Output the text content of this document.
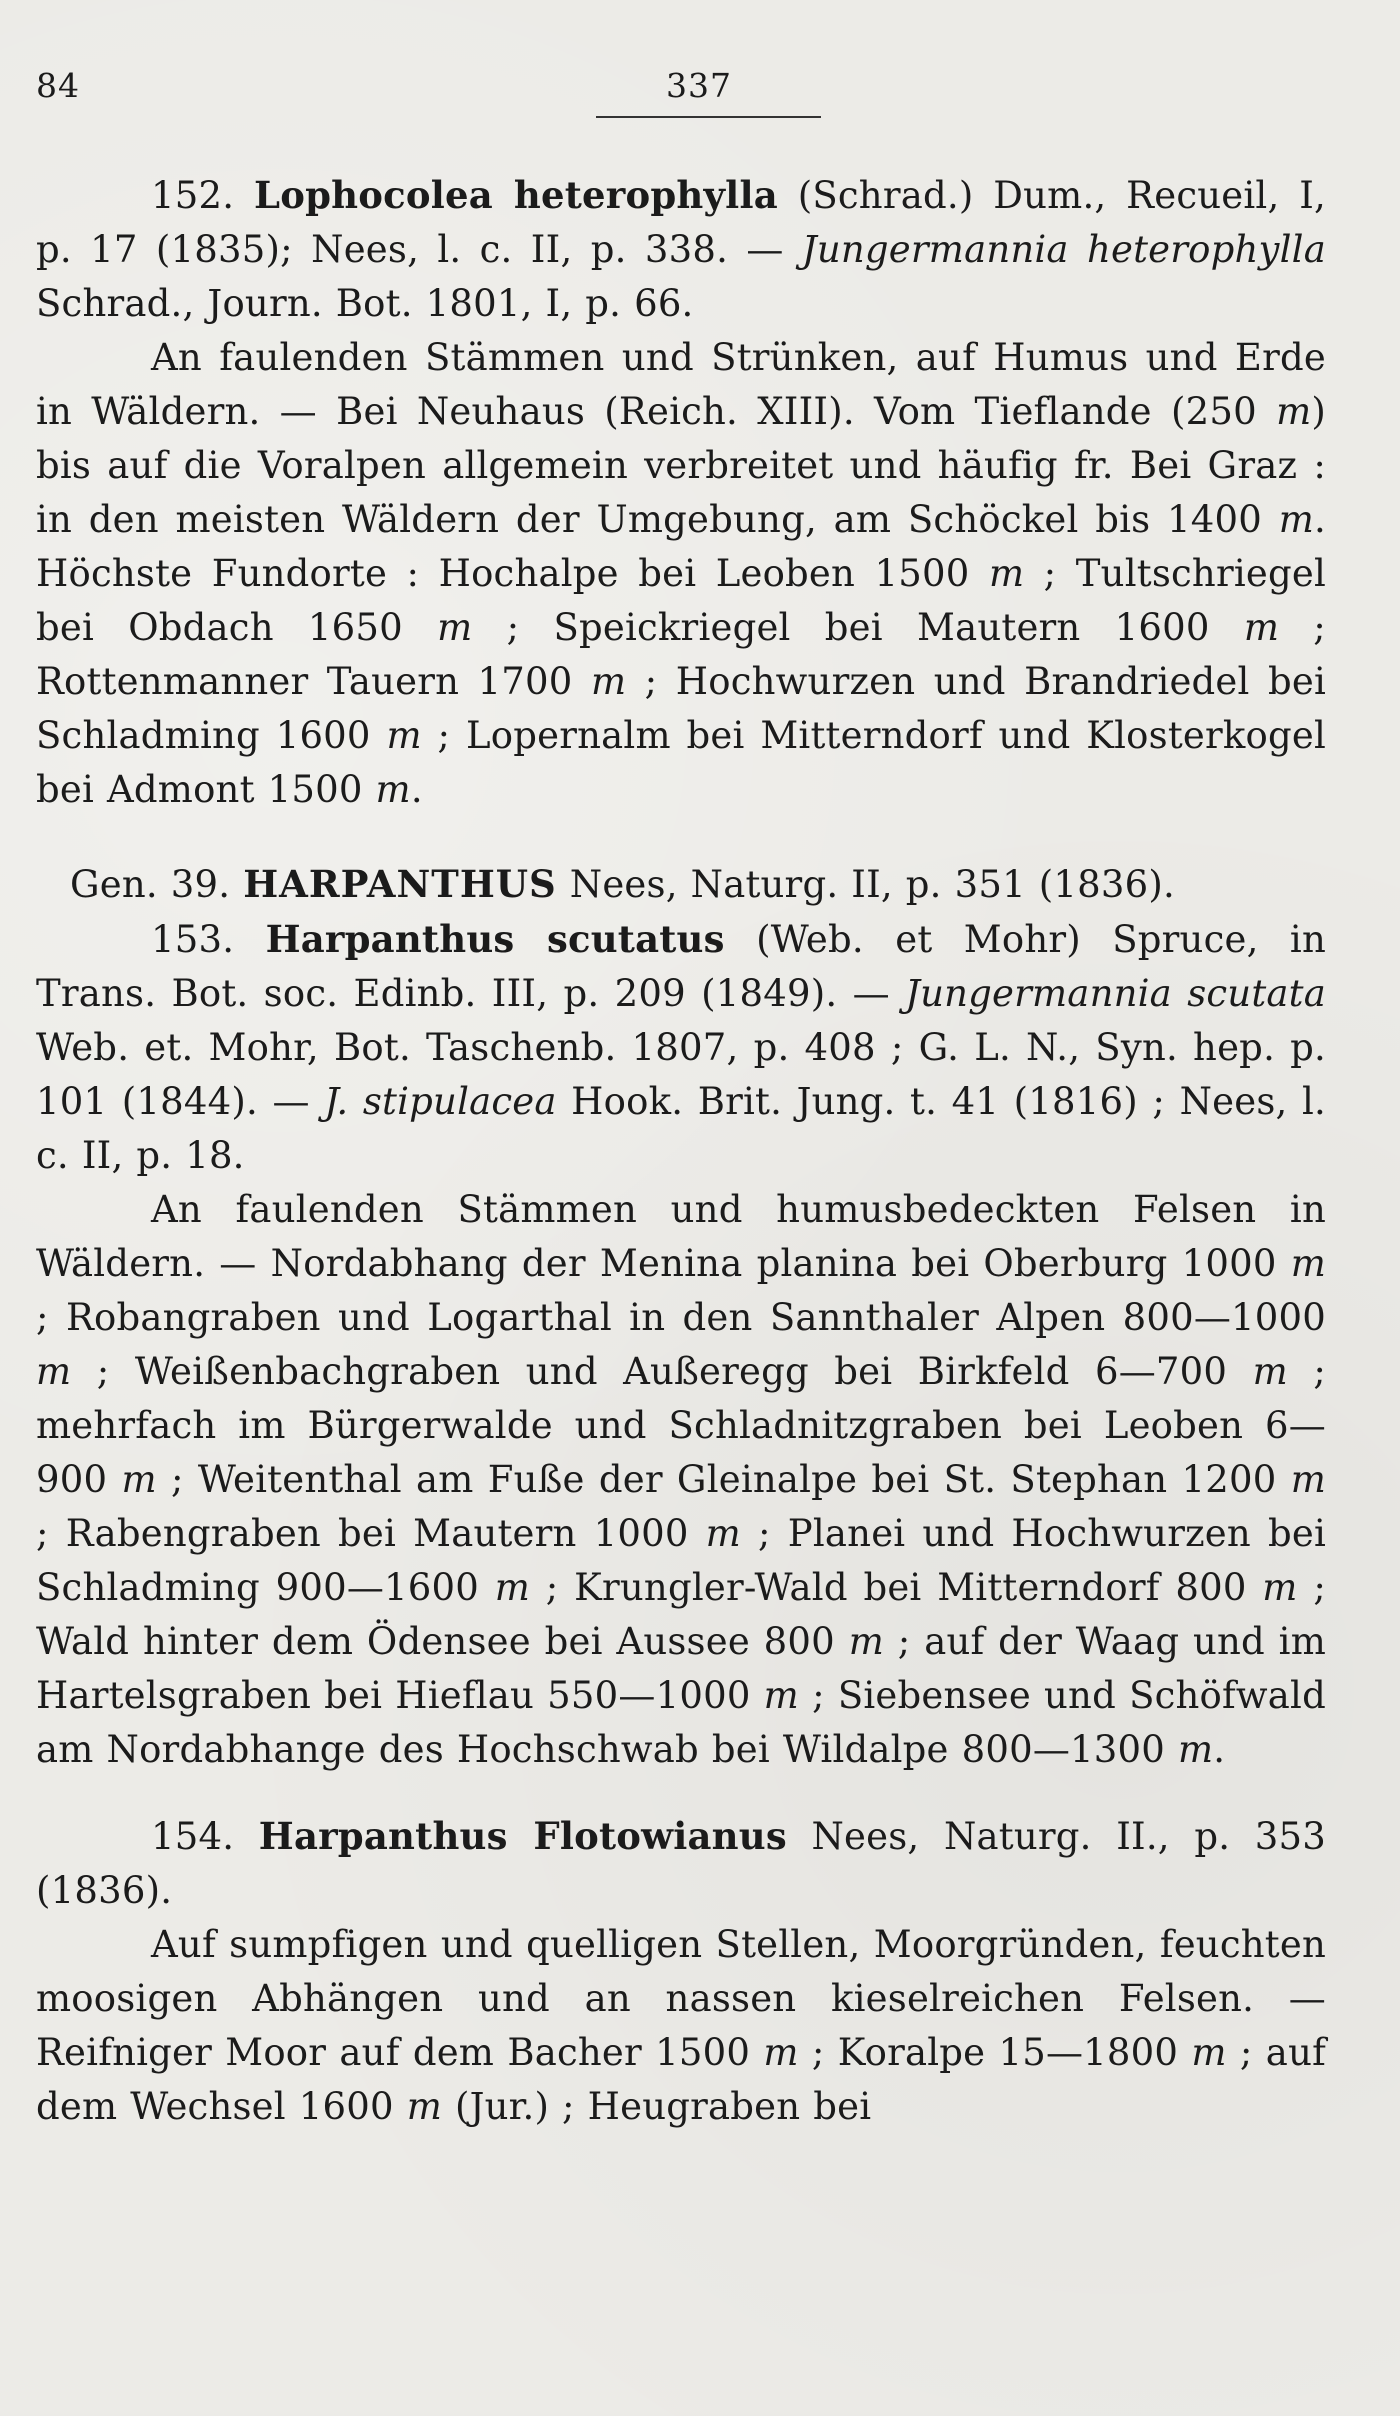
84	337

152. Lophocolea heterophylla (Schrad.) Dum., Recueil, I, p. 17 (1835); Nees, l. c. II, p. 338. — Jungermannia heterophylla Schrad., Journ. Bot. 1801, I, p. 66.

An faulenden Stämmen und Strünken, auf Humus und Erde in Wäldern. — Bei Neuhaus (Reich. XIII). Vom Tieflande (250 m) bis auf die Voralpen allgemein verbreitet und häufig fr. Bei Graz : in den meisten Wäldern der Umgebung, am Schöckel bis 1400 m. Höchste Fundorte : Hochalpe bei Leoben 1500 m ; Tultschriegel bei Obdach 1650 m ; Speickriegel bei Mautern 1600 m ; Rottenmanner Tauern 1700 m ; Hochwurzen und Brandriedel bei Schladming 1600 m ; Lopernalm bei Mitterndorf und Klosterkogel bei Admont 1500 m.

Gen. 39. HARPANTHUS Nees, Naturg. II, p. 351 (1836).

153. Harpanthus scutatus (Web. et Mohr) Spruce, in Trans. Bot. soc. Edinb. III, p. 209 (1849). — Jungermannia scutata Web. et. Mohr, Bot. Taschenb. 1807, p. 408 ; G. L. N., Syn. hep. p. 101 (1844). — J. stipulacea Hook. Brit. Jung. t. 41 (1816) ; Nees, l. c. II, p. 18.

An faulenden Stämmen und humusbedeckten Felsen in Wäldern. — Nordabhang der Menina planina bei Oberburg 1000 m ; Robangraben und Logarthal in den Sannthaler Alpen 800—1000 m ; Weißenbachgraben und Außeregg bei Birkfeld 6—700 m ; mehrfach im Bürgerwalde und Schladnitzgraben bei Leoben 6—900 m ; Weitenthal am Fuße der Gleinalpe bei St. Stephan 1200 m ; Rabengraben bei Mautern 1000 m ; Planei und Hochwurzen bei Schladming 900—1600 m ; Krungler-Wald bei Mitterndorf 800 m ; Wald hinter dem Ödensee bei Aussee 800 m ; auf der Waag und im Hartelsgraben bei Hieflau 550—1000 m ; Siebensee und Schöfwald am Nordabhange des Hochschwab bei Wildalpe 800—1300 m.

154. Harpanthus Flotowianus Nees, Naturg. II., p. 353 (1836).

Auf sumpfigen und quelligen Stellen, Moorgründen, feuchten moosigen Abhängen und an nassen kieselreichen Felsen. — Reifniger Moor auf dem Bacher 1500 m ; Koralpe 15—1800 m ; auf dem Wechsel 1600 m (Jur.) ; Heugraben bei
